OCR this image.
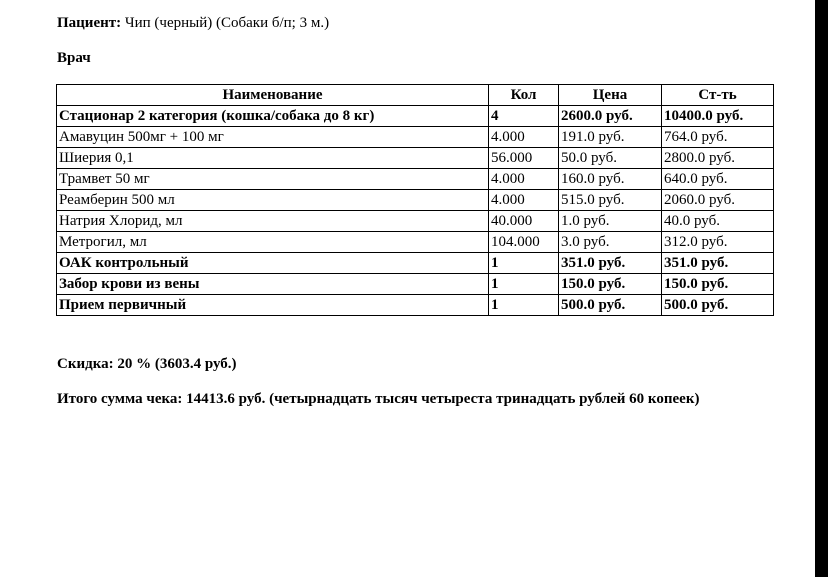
Пациент: Чип (черный) (Собаки б/п; 3 м.)
Врач
Наименование	Кол	Цена	Ст-ть
Стационар 2 категория (кошка/собака до 8 кг)	4	2600.0 руб.	10400.0 руб.
Амавуцин 500мг + 100 мг	4.000	191.0 руб.	764.0 руб.
Шиерия 0,1	56.000	50.0 руб.	2800.0 руб.
Трамвет 50 мг	4.000	160.0 руб.	640.0 руб.
Реамберин 500 мл	4.000	515.0 руб.	2060.0 руб.
Натрия Хлорид, мл	40.000	1.0 руб.	40.0 руб.
Метрогил, мл	104.000	3.0 руб.	312.0 руб.
ОАК контрольный	1	351.0 руб.	351.0 руб.
Забор крови из вены	1	150.0 руб.	150.0 руб.
Прием первичный	1	500.0 руб.	500.0 руб.
Скидка: 20 % (3603.4 руб.)
Итого сумма чека: 14413.6 руб. (четырнадцать тысяч четыреста тринадцать рублей 60 копеек)
